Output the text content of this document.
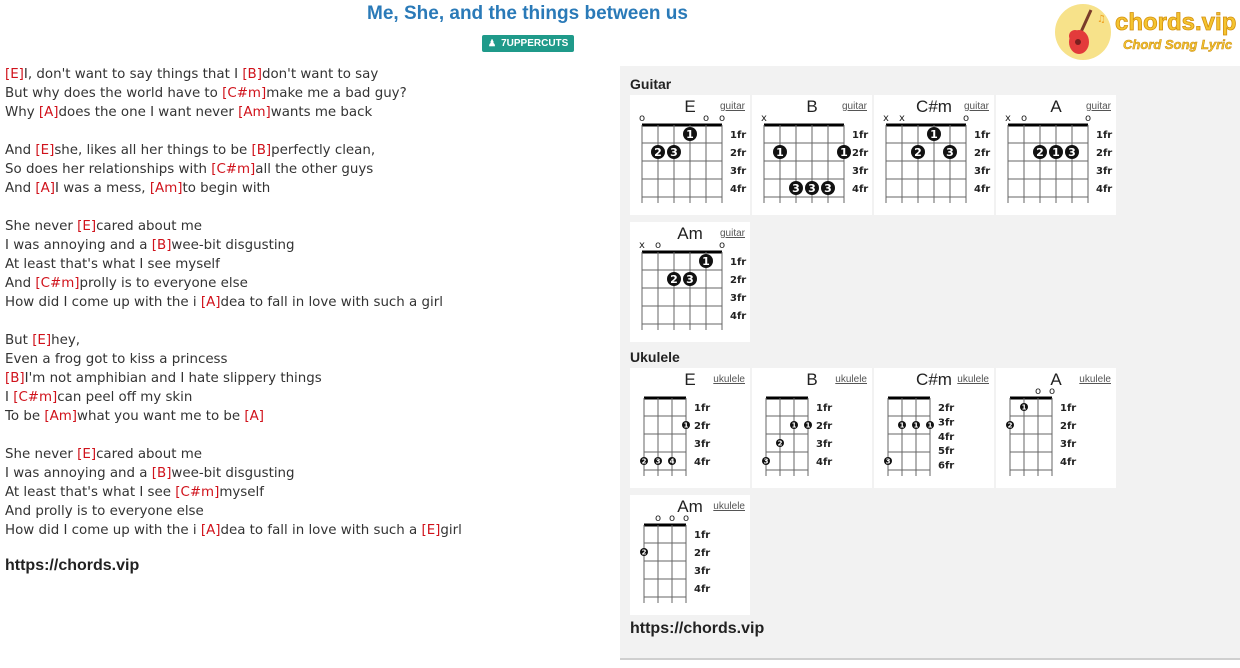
Me, She, and the things between us
♟ 7UPPERCUTS
♫ chords.vip
Chord Song Lyric
[E]I, don't want to say things that I [B]don't want to say
But why does the world have to [C#m]make me a bad guy?
Why [A]does the one I want never [Am]wants me back
And [E]she, likes all her things to be [B]perfectly clean,
So does her relationships with [C#m]all the other guys
And [A]I was a mess, [Am]to begin with
She never [E]cared about me
I was annoying and a [B]wee-bit disgusting
At least that's what I see myself
And [C#m]prolly is to everyone else
How did I come up with the i [A]dea to fall in love with such a girl
But [E]hey,
Even a frog got to kiss a princess
[B]I'm not amphibian and I hate slippery things
I [C#m]can peel off my skin
To be [Am]what you want me to be [A]
She never [E]cared about me
I was annoying and a [B]wee-bit disgusting
At least that's what I see [C#m]myself
And prolly is to everyone else
How did I come up with the i [A]dea to fall in love with such a [E]girl
https://chords.vip
Guitar
E	guitar
o	o o
1fr
2fr
3fr
4fr
1
2 3
B	guitar
x
1fr
2fr
3fr
4fr
1	1
3 3 3
C#m	guitar
x x	o
1fr
2fr
3fr
4fr
1
2 3
A	guitar
x o	o
1fr
2fr
3fr
4fr
2 1 3
Am	guitar
x o	o
1fr
2fr
3fr
4fr
1
2 3
Ukulele
E	ukulele
1fr
2fr
3fr
4fr
1
2 3 4
B	ukulele
1fr
2fr
3fr
4fr
1 1
2
3
C#m ukulele
2fr
3fr
4fr
5fr
6fr
1 1 1
3
A	ukulele
o o
1fr
2fr
3fr
4fr
1
2
Am	ukulele
o o o
1fr
2fr
3fr
4fr
2
https://chords.vip
